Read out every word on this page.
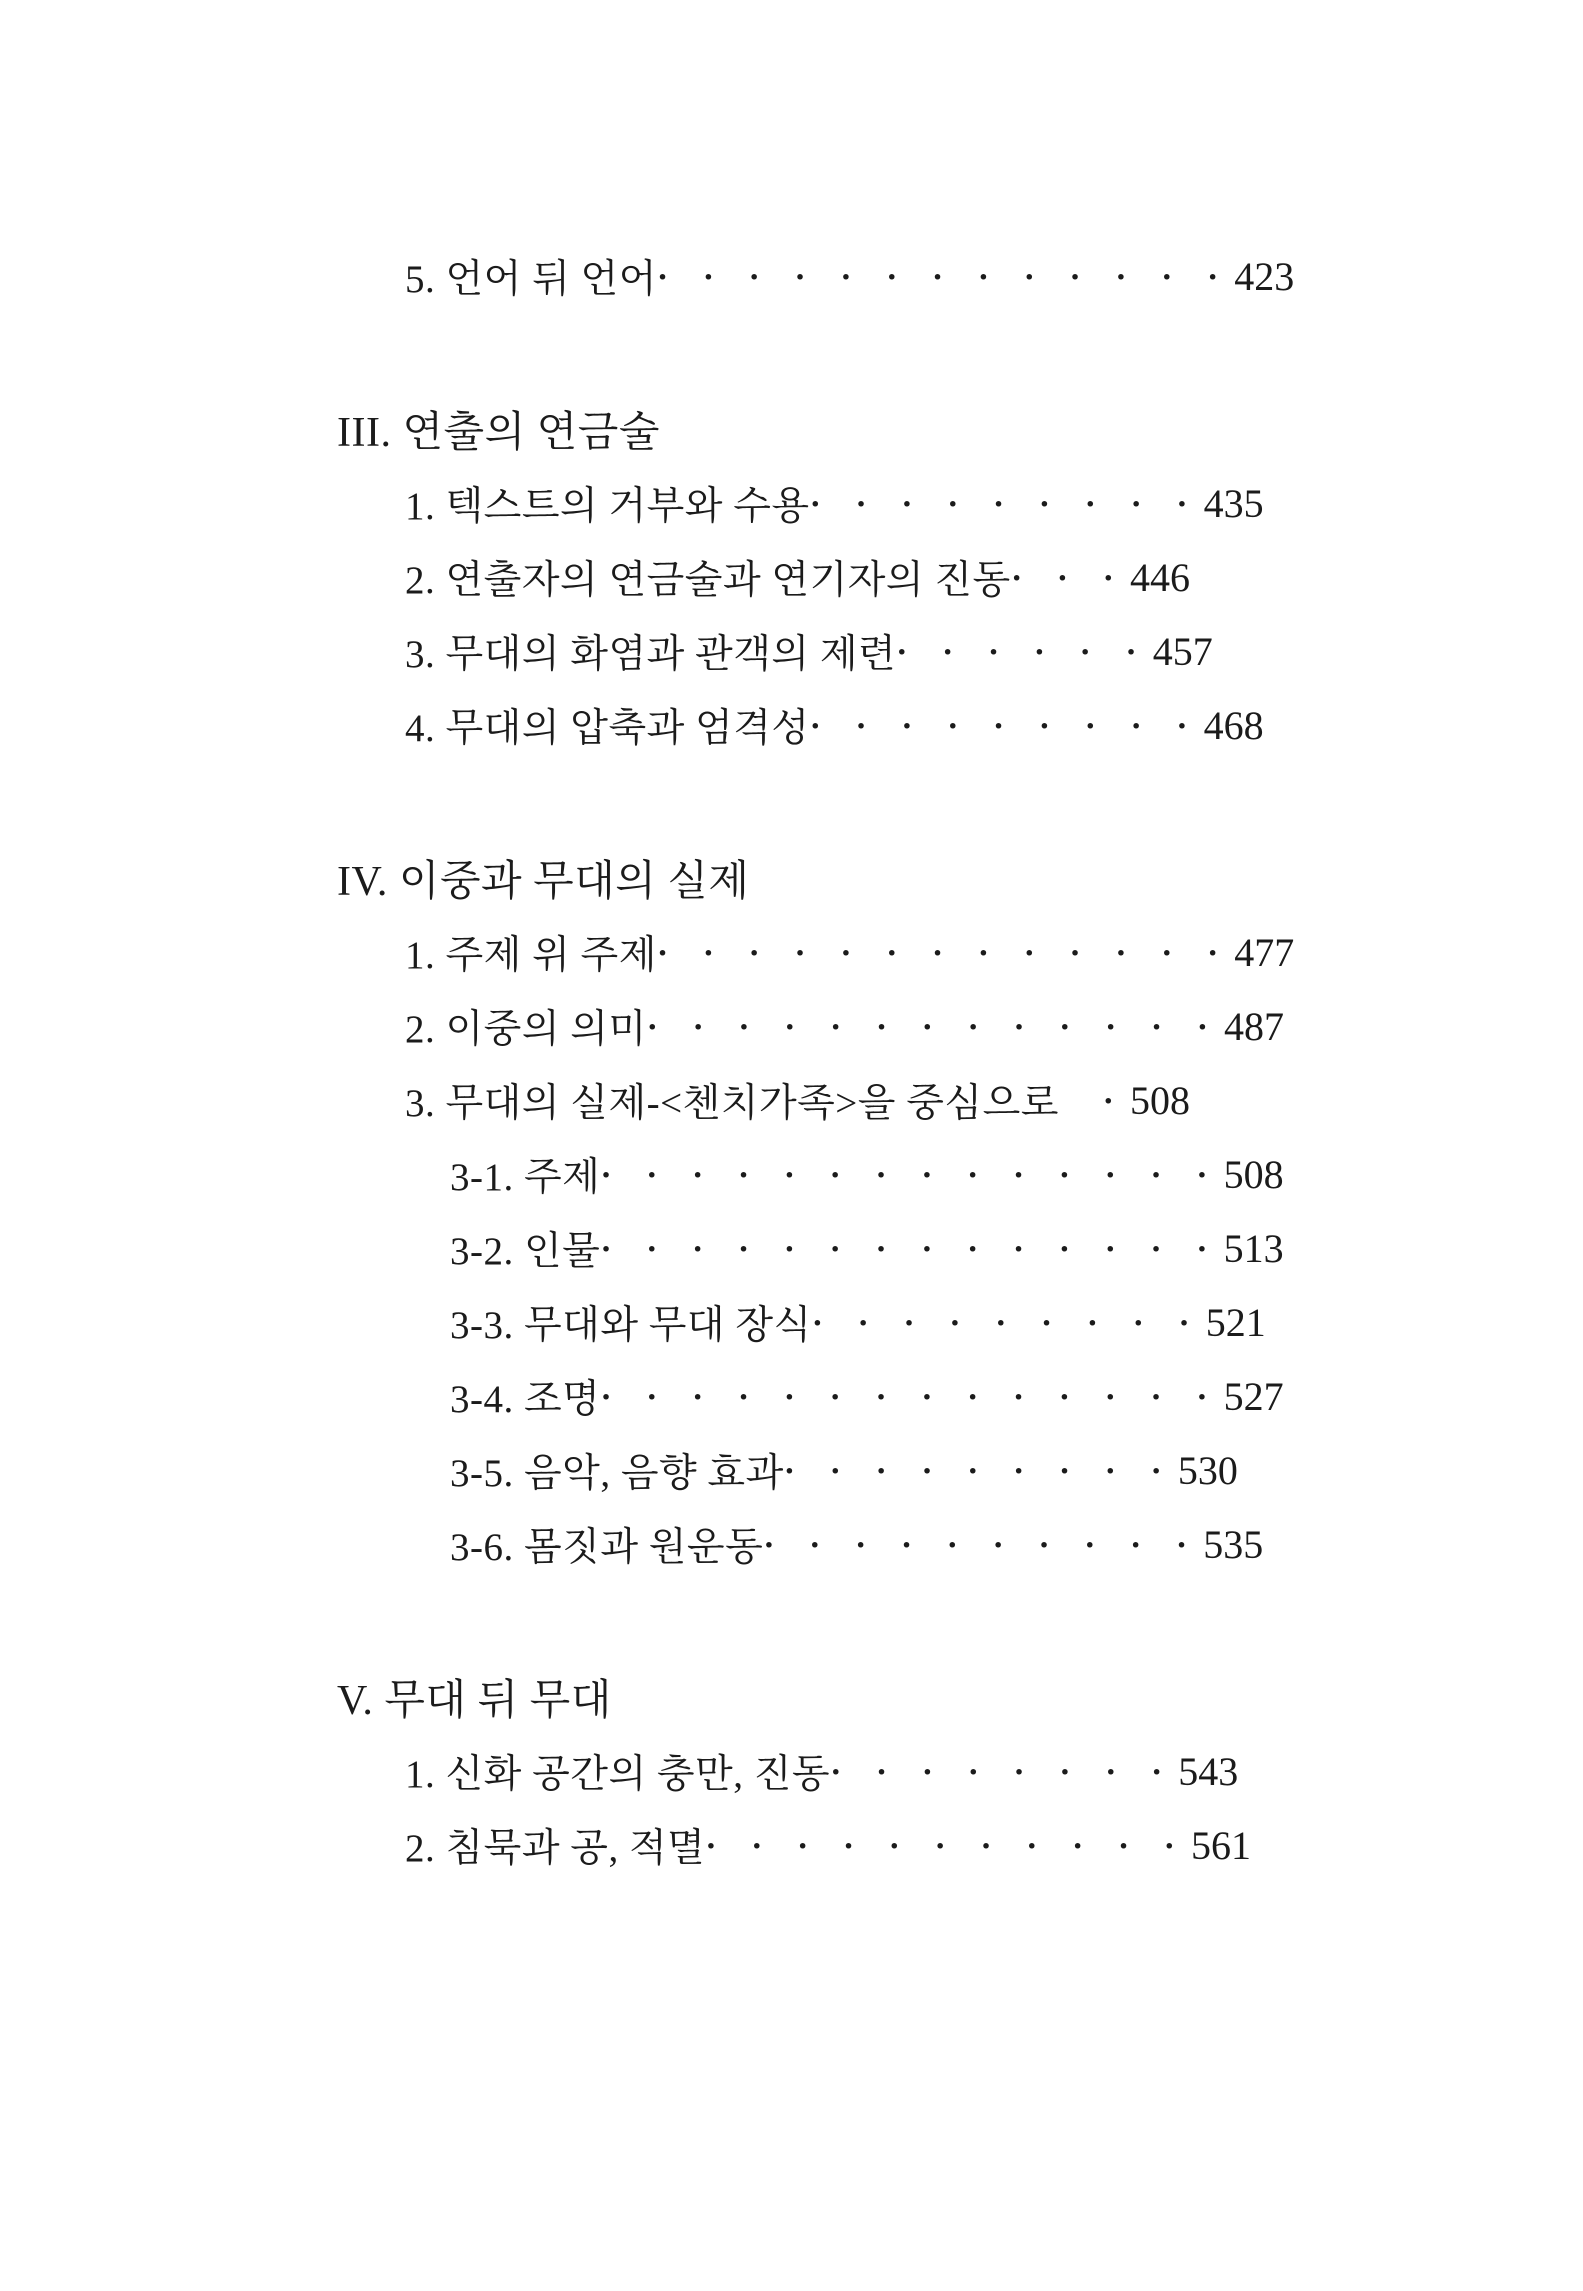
5. 언어 뒤 언어 · · · · · · · · · · · · · 423
III. 연출의 연금술
1. 텍스트의 거부와 수용 · · · · · · · · · 435
2. 연출자의 연금술과 연기자의 진동 · · · 446
3. 무대의 화염과 관객의 제련 · · · · · · 457
4. 무대의 압축과 엄격성 · · · · · · · · · 468
IV. 이중과 무대의 실제
1. 주제 위 주제 · · · · · · · · · · · · · 477
2. 이중의 의미 · · · · · · · · · · · · · 487
3. 무대의 실제-<첸치가족>을 중심으로 · 508
3-1. 주제 · · · · · · · · · · · · · · 508
3-2. 인물 · · · · · · · · · · · · · · 513
3-3. 무대와 무대 장식 · · · · · · · · · 521
3-4. 조명 · · · · · · · · · · · · · · 527
3-5. 음악, 음향 효과 · · · · · · · · · 530
3-6. 몸짓과 원운동 · · · · · · · · · · 535
V. 무대 뒤 무대
1. 신화 공간의 충만, 진동 · · · · · · · · 543
2. 침묵과 공, 적멸 · · · · · · · · · · · 561
